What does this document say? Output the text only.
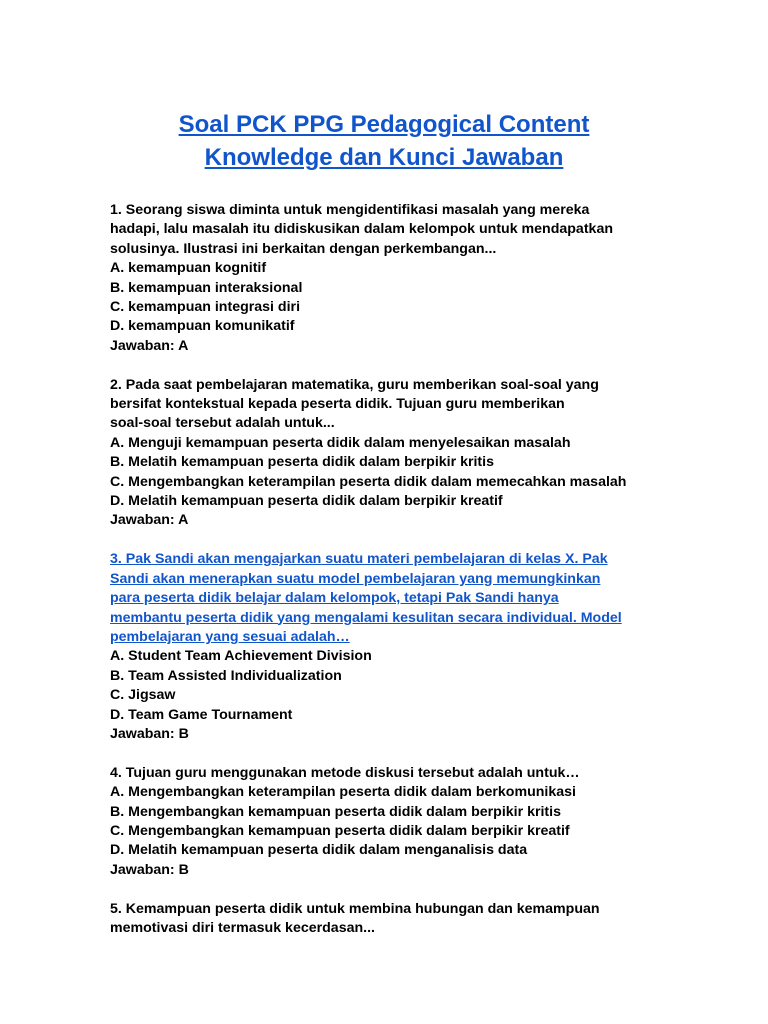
Soal PCK PPG Pedagogical Content
Knowledge dan Kunci Jawaban

1. Seorang siswa diminta untuk mengidentifikasi masalah yang mereka

hadapi, lalu masalah itu didiskusikan dalam kelompok untuk mendapatkan

solusinya. Ilustrasi ini berkaitan dengan perkembangan...

A. kemampuan kognitif

B. kemampuan interaksional

C. kemampuan integrasi diri

D. kemampuan komunikatif

Jawaban: A

2. Pada saat pembelajaran matematika, guru memberikan soal-soal yang

bersifat kontekstual kepada peserta didik. Tujuan guru memberikan

soal-soal tersebut adalah untuk...

A. Menguji kemampuan peserta didik dalam menyelesaikan masalah

B. Melatih kemampuan peserta didik dalam berpikir kritis

C. Mengembangkan keterampilan peserta didik dalam memecahkan masalah

D. Melatih kemampuan peserta didik dalam berpikir kreatif

Jawaban: A

3. Pak Sandi akan mengajarkan suatu materi pembelajaran di kelas X. Pak

Sandi akan menerapkan suatu model pembelajaran yang memungkinkan

para peserta didik belajar dalam kelompok, tetapi Pak Sandi hanya

membantu peserta didik yang mengalami kesulitan secara individual. Model

pembelajaran yang sesuai adalah…

A. Student Team Achievement Division

B. Team Assisted Individualization

C. Jigsaw

D. Team Game Tournament

Jawaban: B

4. Tujuan guru menggunakan metode diskusi tersebut adalah untuk…

A. Mengembangkan keterampilan peserta didik dalam berkomunikasi

B. Mengembangkan kemampuan peserta didik dalam berpikir kritis

C. Mengembangkan kemampuan peserta didik dalam berpikir kreatif

D. Melatih kemampuan peserta didik dalam menganalisis data

Jawaban: B

5. Kemampuan peserta didik untuk membina hubungan dan kemampuan

memotivasi diri termasuk kecerdasan...
